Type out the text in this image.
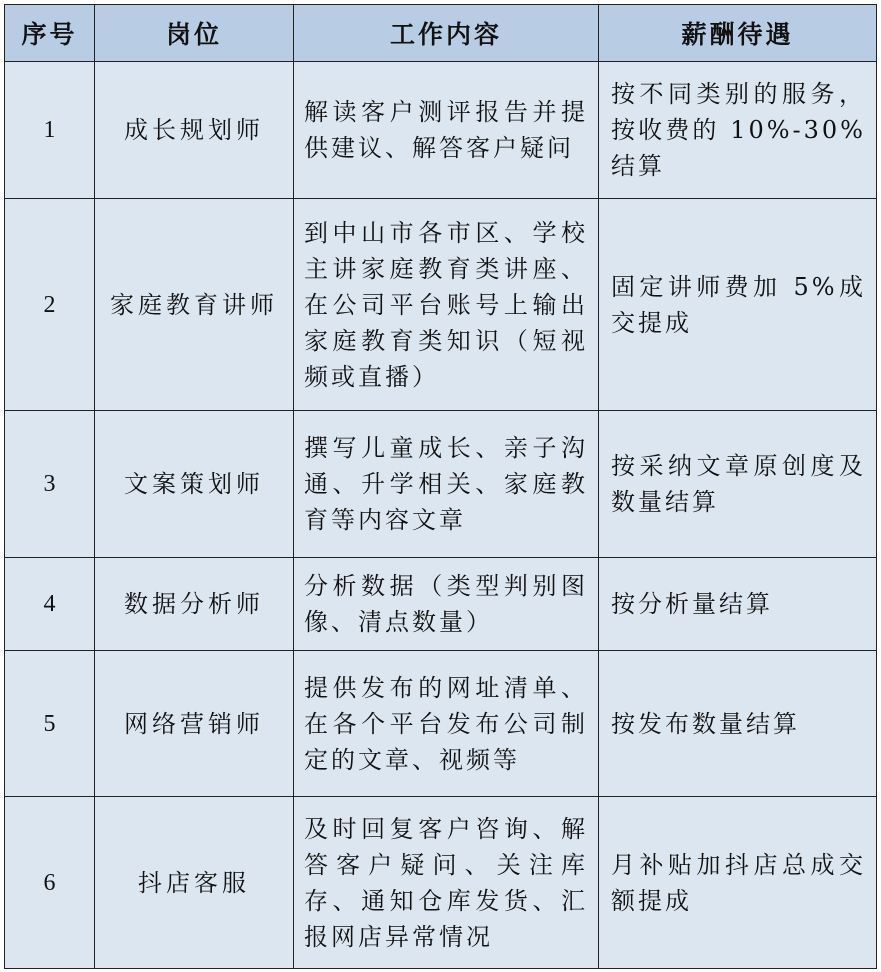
序号	岗位	工作内容	薪酬待遇
1	成长规划师	解读客户测评报告并提供建议、解答客户疑问	按不同类别的服务，按收费的 10%-30%结算
2	家庭教育讲师	到中山市各市区、学校主讲家庭教育类讲座、在公司平台账号上输出家庭教育类知识（短视频或直播）	固定讲师费加 5%成交提成
3	文案策划师	撰写儿童成长、亲子沟通、升学相关、家庭教育等内容文章	按采纳文章原创度及数量结算
4	数据分析师	分析数据（类型判别图像、清点数量）	按分析量结算
5	网络营销师	提供发布的网址清单、在各个平台发布公司制定的文章、视频等	按发布数量结算
6	抖店客服	及时回复客户咨询、解答客户疑问、关注库存、通知仓库发货、汇报网店异常情况	月补贴加抖店总成交额提成
